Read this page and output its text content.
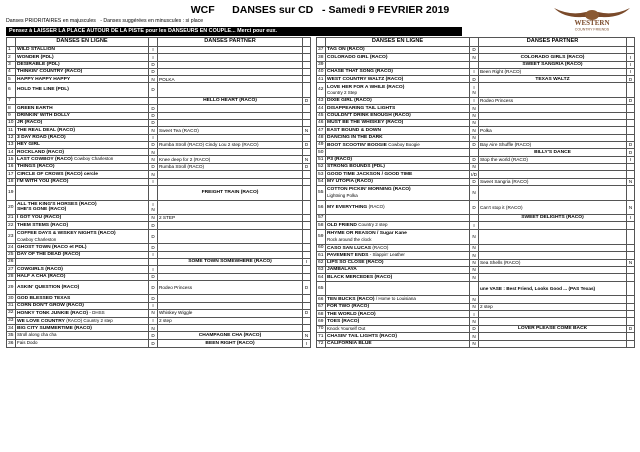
WCF DANSES sur CD - Samedi 9 FEVRIER 2019
WESTERN
COUNTRY FRIENDS
Danses PRIORITAIRES en majuscules - Danses suggérées en minuscules : si place
Pensez à LAISSER LA PLACE AUTOUR DE LA PISTE pour les DANSEURS EN COUPLE... Merci pour eux.
	DANSES EN LIGNE		DANSES PARTNER	
1	WILD STALLION	I		
2	WONDER (PDL)	I		
3	DESIRABLE (PDL)	D		
4	THINKIN' COUNTRY (RACO)	D		
5	HAPPY HAPPY HAPPY	N	POLKA	
6	HOLD THE LINE (PDL)	D		
7			HELLO HEART (RACO)	D
8	GREEN EARTH	D		
9	DRINKIN' WITH DOLLY	D		
10	JR (RACO)	D		
11	THE REAL DEAL (RACO)	N	Sweet Tea (RACO)	N
12	3 DAY ROAD (RACO)	I		
13	HEY GIRL	D	Rumba Stroll (RACO) Cindy Lou 2 step (RACO)	D
14	ROCKLAND (RACO)	N		
15	LAST COWBOY (RACO) Cowboy Charleston	N	Knee deep for 2 (RACO)	N
16	THINGS (RACO)	D	Rumba Stroll (RACO)	D
17	CIRCLE OF CROWS (RACO) cercle	N		
18	I'M WITH YOU (RACO)	I		
19			FREIGHT TRAIN (RACO)	
20	ALL THE KING'S HORSES (RACO)
SHE'S GONE (RACO)	I
N		

21	I GOT YOU (RACO)	N	2 STEP	
22	THEM STEMS (RACO)	D		
23	COFFEE DAYS & WISKEY NIGHTS (RACO)
Cowboy Charleston	D		
24	GHOST TOWN (RACO et PDL)	D		
25	DAY OF THE DEAD (RACO)	I		
26			SOME TOWN SOMEWHERE (RACO)	I
27	COWGIRLS (RACO)	I		
28	HALF A CHA (RACO)	D		
29	ASKIN' QUESTION (RACO)	D	Rodeo Princess	D
30	GOD BLESSED TEXAS	D		
31	CORN DON'T GROW (RACO)	I		
32	HONKY TONK JUNKIE (RACO) - DHSS	N	Whiskey Wiggle	D
33	WE LOVE COUNTRY (RACO) Country 2 step	I	2 step	
34	BIG CITY SUMMERTIME (RACO)	N		
35	Stroll along cha cha	D	CHAMPAGNE CHA (RACO)	N
36	Fais Dodo	D	BEEN RIGHT (RACO)	I
	DANSES EN LIGNE		DANSES PARTNER	
37	TAG ON (RACO)	D		
38	COLORADO GIRL (RACO)	N	COLORADO GIRLS (RACO)	I
39			SWEET SANGRIA (RACO)	I
40	CHASE THAT SONG (RACO)	I	Been Right (RACO)	I
41	WEST COUNTRY WALTZ (RACO)	D	TEXAS WALTZ	D
42	LOVE HER FOR A WHILE (RACO)
Country 2 Step	I
N		

43	DIXIE GIRL (RACO)	I	Rodeo Princess	D
44	DISAPPEARING TAIL LIGHTS	N		
45	COULDN'T DRINK ENOUGH (RACO)	N		
46	MUST BE THE WHISKEY (RACO)	N		
47	EAST BOUND & DOWN	N	Polka	
48	DANCING IN THE DARK	N		
49	BOOT SCOOTIN' BOOGIE Cowboy Boogie	D	Bay Aire Shuffle (RACO)	D
50			BILLY'S DANCE	D
51	P3 (RACO)	D	Stop the world (RACO)	I
52	STRONG BOUNDS (PDL)	N		
53	GOOD TIME JACKSON / GOOD TIME	I/D		
54	MY UTOPIA (RACO)	D	Sweet Sangria (RACO)	N
55	COTTON PICKIN' MORNING (RACO)
Lightning Polka	N		
56	MY EVERYTHING (RACO)	D	Can't stop it (RACO)	N
57			SWEET DELIGHTS (RACO)	I
58	OLD FRIEND Country 2 step	I		
59	RHYME OR REASON / Sugar Kane
Rock around the clock	N		
60	CASO SAN LUCAS (RACO)	N		
61	PAVEMENT ENDS - Slappin' Leather	N		
62	LIPS SO CLOSE (RACO)	N	Sea Shells (RACO)	N
63	JAMBALAYA	N		
64	BLACK MERCEDES (RACO)	N		
65			une VASE : Best Friend, Looks Good ... (PAS Texas)	
66	TEN BUCKS (RACO) / Home to Louisiana	N		
67	FOR TWO (RACO)	N	2 step	
68	THE WORLD (RACO)	I		
69	TOES (RACO)	N		
70	Knock Yourself Out	D	LOVER PLEASE COME BACK	D
71	CHASIN' TAIL LIGHTS (RACO)	N		
72	CALIFORNIA BLUE	N		
